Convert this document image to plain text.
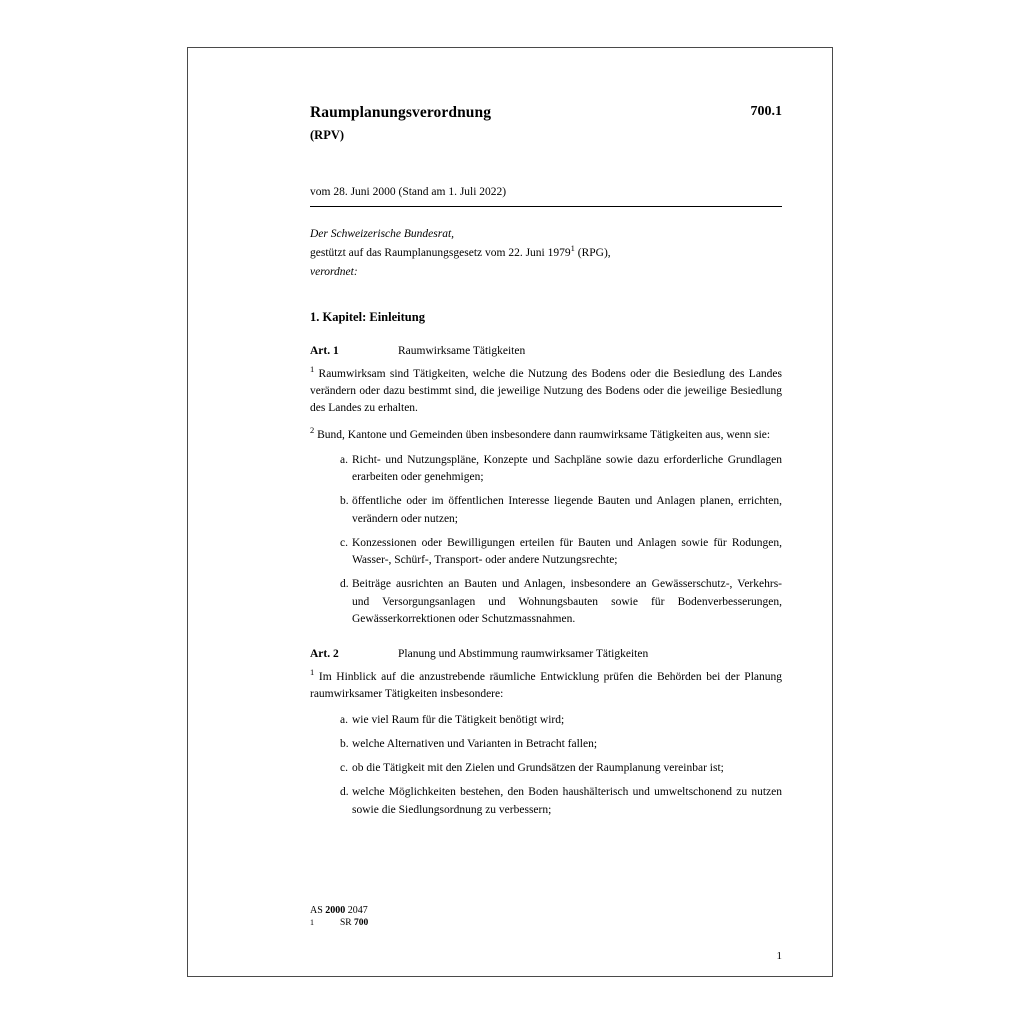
Raumplanungsverordnung
(RPV)
700.1
vom 28. Juni 2000 (Stand am 1. Juli 2022)
Der Schweizerische Bundesrat,
gestützt auf das Raumplanungsgesetz vom 22. Juni 1979$^1$ (RPG),
verordnet:
1. Kapitel: Einleitung
Art. 1	Raumwirksame Tätigkeiten
$^1$ Raumwirksam sind Tätigkeiten, welche die Nutzung des Bodens oder die Besiedlung des Landes verändern oder dazu bestimmt sind, die jeweilige Nutzung des Bodens oder die jeweilige Besiedlung des Landes zu erhalten.
$^2$ Bund, Kantone und Gemeinden üben insbesondere dann raumwirksame Tätigkeiten aus, wenn sie:
a. Richt- und Nutzungspläne, Konzepte und Sachpläne sowie dazu erforderliche Grundlagen erarbeiten oder genehmigen;
b. öffentliche oder im öffentlichen Interesse liegende Bauten und Anlagen planen, errichten, verändern oder nutzen;
c. Konzessionen oder Bewilligungen erteilen für Bauten und Anlagen sowie für Rodungen, Wasser-, Schürf-, Transport- oder andere Nutzungsrechte;
d. Beiträge ausrichten an Bauten und Anlagen, insbesondere an Gewässerschutz-, Verkehrs- und Versorgungsanlagen und Wohnungsbauten sowie für Bodenverbesserungen, Gewässerkorrektionen oder Schutzmassnahmen.
Art. 2	Planung und Abstimmung raumwirksamer Tätigkeiten
$^1$ Im Hinblick auf die anzustrebende räumliche Entwicklung prüfen die Behörden bei der Planung raumwirksamer Tätigkeiten insbesondere:
a. wie viel Raum für die Tätigkeit benötigt wird;
b. welche Alternativen und Varianten in Betracht fallen;
c. ob die Tätigkeit mit den Zielen und Grundsätzen der Raumplanung vereinbar ist;
d. welche Möglichkeiten bestehen, den Boden haushälterisch und umweltschonend zu nutzen sowie die Siedlungsordnung zu verbessern;
AS 2000 2047
1	SR 700
1
